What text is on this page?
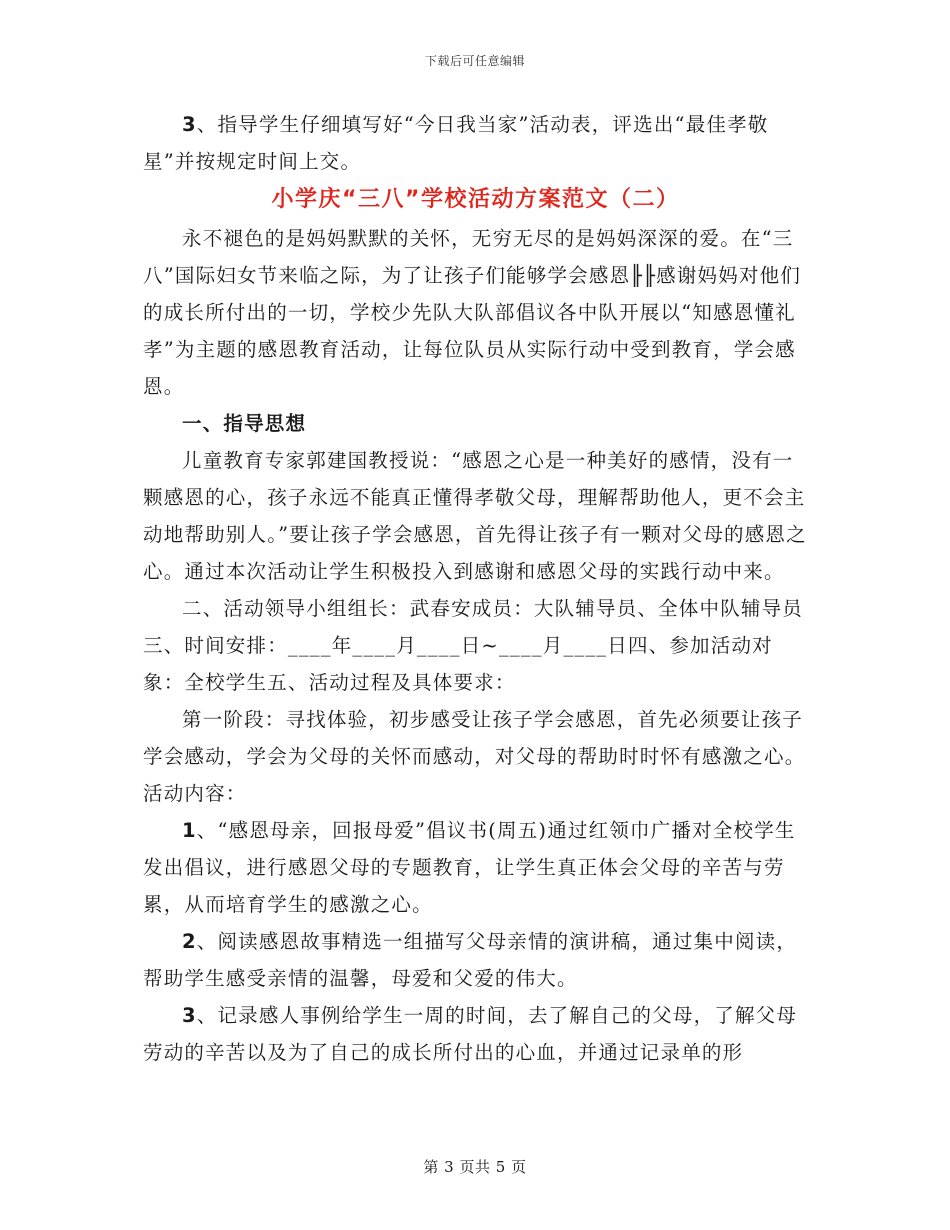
下载后可任意编辑

3、指导学生仔细填写好“今日我当家”活动表，评选出“最佳孝敬星”并按规定时间上交。

小学庆“三八”学校活动方案范文（二）

永不褪色的是妈妈默默的关怀，无穷无尽的是妈妈深深的爱。在“三八”国际妇女节来临之际，为了让孩子们能够学会感恩╟╟感谢妈妈对他们的成长所付出的一切，学校少先队大队部倡议各中队开展以“知感恩懂礼孝”为主题的感恩教育活动，让每位队员从实际行动中受到教育，学会感恩。

一、指导思想

儿童教育专家郭建国教授说：“感恩之心是一种美好的感情，没有一颗感恩的心，孩子永远不能真正懂得孝敬父母，理解帮助他人，更不会主动地帮助别人。”要让孩子学会感恩，首先得让孩子有一颗对父母的感恩之心。通过本次活动让学生积极投入到感谢和感恩父母的实践行动中来。

二、活动领导小组组长：武春安成员：大队辅导员、全体中队辅导员三、时间安排：____年____月____日~____月____日四、参加活动对象：全校学生五、活动过程及具体要求：

第一阶段：寻找体验，初步感受让孩子学会感恩，首先必须要让孩子学会感动，学会为父母的关怀而感动，对父母的帮助时时怀有感激之心。活动内容：

1、“感恩母亲，回报母爱”倡议书(周五)通过红领巾广播对全校学生发出倡议，进行感恩父母的专题教育，让学生真正体会父母的辛苦与劳累，从而培育学生的感激之心。

2、阅读感恩故事精选一组描写父母亲情的演讲稿，通过集中阅读，帮助学生感受亲情的温馨，母爱和父爱的伟大。

3、记录感人事例给学生一周的时间，去了解自己的父母，了解父母劳动的辛苦以及为了自己的成长所付出的心血，并通过记录单的形

第 3 页共 5 页
